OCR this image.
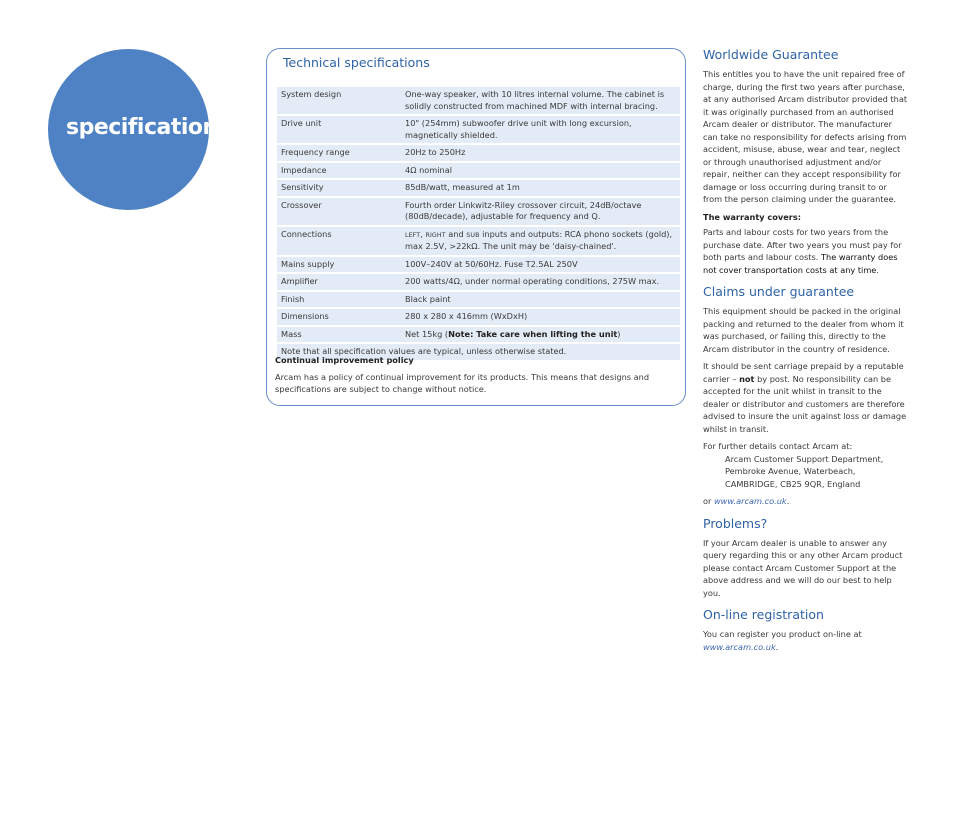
specification
Technical specifications
System design	One-way speaker, with 10 litres internal volume. The cabinet is solidly constructed from machined MDF with internal bracing.
Drive unit	10" (254mm) subwoofer drive unit with long excursion, magnetically shielded.
Frequency range	20Hz to 250Hz
Impedance	4Ω nominal
Sensitivity	85dB/watt, measured at 1m
Crossover	Fourth order Linkwitz-Riley crossover circuit, 24dB/octave (80dB/decade), adjustable for frequency and Q.
Connections	LEFT, RIGHT and SUB inputs and outputs: RCA phono sockets (gold), max 2.5V, >22kΩ. The unit may be 'daisy-chained'.
Mains supply	100V–240V at 50/60Hz. Fuse T2.5AL 250V
Amplifier	200 watts/4Ω, under normal operating conditions, 275W max.
Finish	Black paint
Dimensions	280 x 280 x 416mm (WxDxH)
Mass	Net 15kg (Note: Take care when lifting the unit)
Note that all specification values are typical, unless otherwise stated.	
Continual improvement policy

Arcam has a policy of continual improvement for its products. This means that designs and specifications are subject to change without notice.

Worldwide Guarantee

This entitles you to have the unit repaired free of charge, during the first two years after purchase, at any authorised Arcam distributor provided that it was originally purchased from an authorised Arcam dealer or distributor. The manufacturer can take no responsibility for defects arising from accident, misuse, abuse, wear and tear, neglect or through unauthorised adjustment and/or repair, neither can they accept responsibility for damage or loss occurring during transit to or from the person claiming under the guarantee.

The warranty covers:

Parts and labour costs for two years from the purchase date. After two years you must pay for both parts and labour costs. The warranty does not cover transportation costs at any time.

Claims under guarantee

This equipment should be packed in the original packing and returned to the dealer from whom it was purchased, or failing this, directly to the Arcam distributor in the country of residence.

It should be sent carriage prepaid by a reputable carrier – not by post. No responsibility can be accepted for the unit whilst in transit to the dealer or distributor and customers are therefore advised to insure the unit against loss or damage whilst in transit.

For further details contact Arcam at:

Arcam Customer Support Department,
Pembroke Avenue, Waterbeach,
CAMBRIDGE, CB25 9QR, England

or www.arcam.co.uk.

Problems?

If your Arcam dealer is unable to answer any query regarding this or any other Arcam product please contact Arcam Customer Support at the above address and we will do our best to help you.

On-line registration

You can register you product on-line at
www.arcam.co.uk.
